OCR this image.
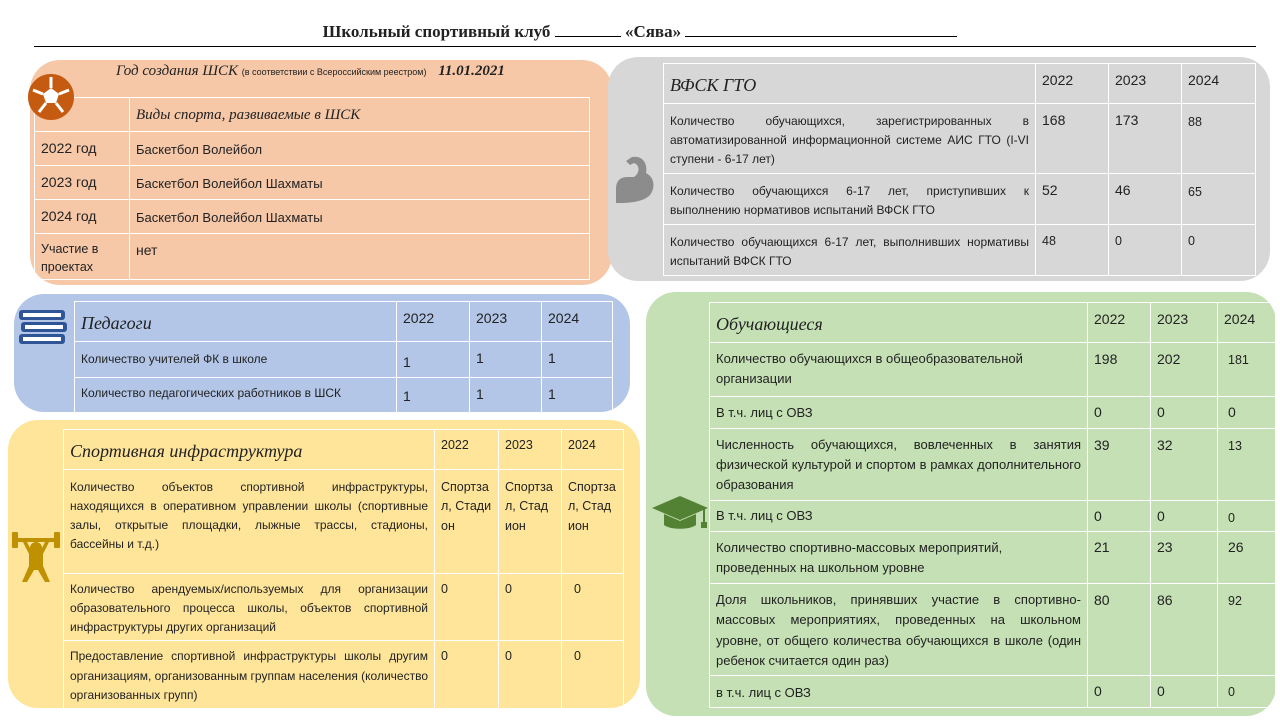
Школьный спортивный клуб	«Сява»
Год создания ШСК (в соответствии с Всероссийским реестром) 11.01.2021
	Виды спорта, развиваемые в ШСК
2022 год	Баскетбол Волейбол
2023 год	Баскетбол Волейбол Шахматы
2024 год	Баскетбол Волейбол Шахматы
Участие в проектах	нет
ВФСК ГТО	2022	2023	2024
Количество обучающихся, зарегистрированных в автоматизированной информационной системе АИС ГТО (I-VI ступени - 6-17 лет)	168	173	88
Количество обучающихся 6-17 лет, приступивших к выполнению нормативов испытаний ВФСК ГТО	52	46	65
Количество обучающихся 6-17 лет, выполнивших нормативы испытаний ВФСК ГТО	48	0	0
Педагоги	2022	2023	2024
Количество учителей ФК в школе	1	1	1
Количество педагогических работников в ШСК	1	1	1
Спортивная инфраструктура	2022	2023	2024
Количество объектов спортивной инфраструктуры, находящихся в оперативном управлении школы (спортивные залы, открытые площадки, лыжные трассы, стадионы, бассейны и т.д.)	Спортзал, Стадион	Спортзал, Стадион	Спортзал, Стадион
Количество арендуемых/используемых для организации образовательного процесса школы, объектов спортивной инфраструктуры других организаций	0	0	0
Предоставление спортивной инфраструктуры школы другим организациям, организованным группам населения (количество организованных групп)	0	0	0
Обучающиеся	2022	2023	2024
Количество обучающихся в общеобразовательной организации	198	202	181
В т.ч. лиц с ОВЗ	0	0	0
Численность обучающихся, вовлеченных в занятия физической культурой и спортом в рамках дополнительного образования	39	32	13
В т.ч. лиц с ОВЗ	0	0	0
Количество спортивно-массовых мероприятий, проведенных на школьном уровне	21	23	26
Доля школьников, принявших участие в спортивно-массовых мероприятиях, проведенных на школьном уровне, от общего количества обучающихся в школе (один ребенок считается один раз)	80	86	92
в т.ч. лиц с ОВЗ	0	0	0
